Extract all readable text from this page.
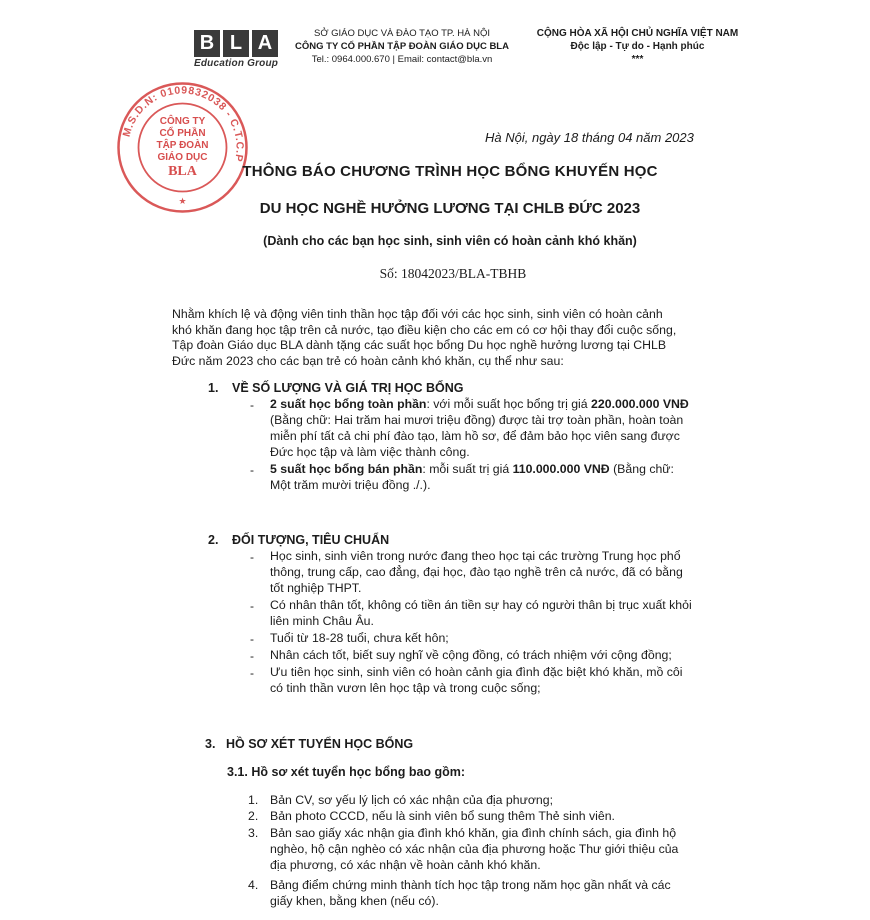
B L A
Education Group
SỞ GIÁO DỤC VÀ ĐÀO TẠO TP. HÀ NỘI
CÔNG TY CỔ PHẦN TẬP ĐOÀN GIÁO DỤC BLA
Tel.: 0964.000.670 | Email: contact@bla.vn
CỘNG HÒA XÃ HỘI CHỦ NGHĨA VIỆT NAM
Độc lập - Tự do - Hạnh phúc
***
M.S.D.N: 0109832038 - C.T.C.P
CÔNG TY
CỔ PHẦN
TẬP ĐOÀN
GIÁO DỤC
BLA
★
Hà Nội, ngày 18 tháng 04 năm 2023
THÔNG BÁO CHƯƠNG TRÌNH HỌC BỔNG KHUYẾN HỌC
DU HỌC NGHỀ HƯỞNG LƯƠNG TẠI CHLB ĐỨC 2023
(Dành cho các bạn học sinh, sinh viên có hoàn cảnh khó khăn)
Số: 18042023/BLA-TBHB
Nhằm khích lệ và động viên tinh thần học tập đối với các học sinh, sinh viên có hoàn cảnh
khó khăn đang học tập trên cả nước, tạo điều kiện cho các em có cơ hội thay đổi cuộc sống,
Tập đoàn Giáo dục BLA dành tặng các suất học bổng Du học nghề hưởng lương tại CHLB
Đức năm 2023 cho các bạn trẻ có hoàn cảnh khó khăn, cụ thể như sau:
1. VỀ SỐ LƯỢNG VÀ GIÁ TRỊ HỌC BỔNG
- 2 suất học bổng toàn phần: với mỗi suất học bổng trị giá 220.000.000 VNĐ
(Bằng chữ: Hai trăm hai mươi triệu đồng) được tài trợ toàn phần, hoàn toàn
miễn phí tất cả chi phí đào tạo, làm hồ sơ, để đảm bảo học viên sang được
Đức học tập và làm việc thành công.
- 5 suất học bổng bán phần: mỗi suất trị giá 110.000.000 VNĐ (Bằng chữ:
Một trăm mười triệu đồng ./.).
2. ĐỐI TƯỢNG, TIÊU CHUẨN
- Học sinh, sinh viên trong nước đang theo học tại các trường Trung học phổ
thông, trung cấp, cao đẳng, đại học, đào tạo nghề trên cả nước, đã có bằng
tốt nghiệp THPT.
- Có nhân thân tốt, không có tiền án tiền sự hay có người thân bị trục xuất khỏi
liên minh Châu Âu.
- Tuổi từ 18-28 tuổi, chưa kết hôn;
- Nhân cách tốt, biết suy nghĩ về cộng đồng, có trách nhiệm với cộng đồng;
- Ưu tiên học sinh, sinh viên có hoàn cảnh gia đình đặc biệt khó khăn, mồ côi
có tinh thần vươn lên học tập và trong cuộc sống;
3. HỒ SƠ XÉT TUYỂN HỌC BỔNG
3.1. Hồ sơ xét tuyển học bổng bao gồm:
1. Bản CV, sơ yếu lý lịch có xác nhận của địa phương;
2. Bản photo CCCD, nếu là sinh viên bổ sung thêm Thẻ sinh viên.
3. Bản sao giấy xác nhận gia đình khó khăn, gia đình chính sách, gia đình hộ
nghèo, hộ cận nghèo có xác nhận của địa phương hoặc Thư giới thiệu của
địa phương, có xác nhận về hoàn cảnh khó khăn.
4. Bảng điểm chứng minh thành tích học tập trong năm học gần nhất và các
giấy khen, bằng khen (nếu có).
